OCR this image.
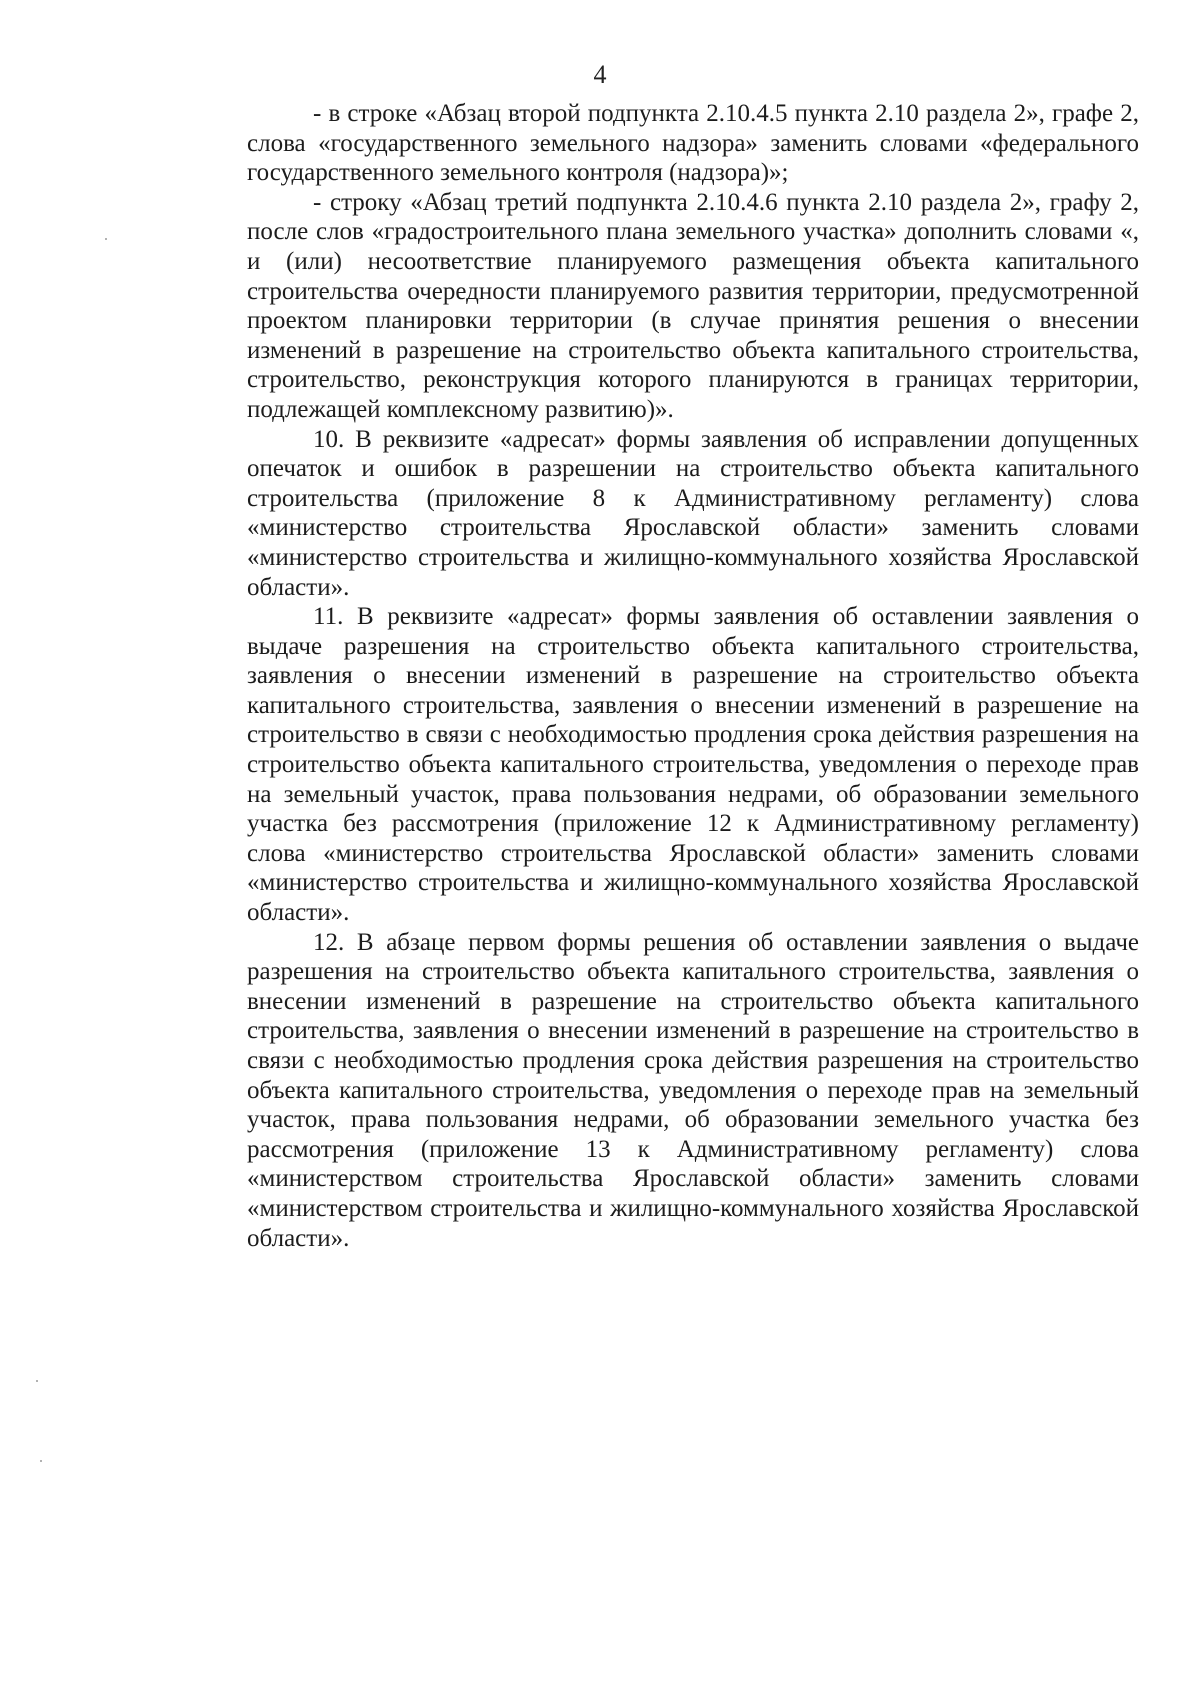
4

- в строке «Абзац второй подпункта 2.10.4.5 пункта 2.10 раздела 2», графе 2, слова «государственного земельного надзора» заменить словами «федерального государственного земельного контроля (надзора)»;

- строку «Абзац третий подпункта 2.10.4.6 пункта 2.10 раздела 2», графу 2, после слов «градостроительного плана земельного участка» дополнить словами «, и (или) несоответствие планируемого размещения объекта капитального строительства очередности планируемого развития территории, предусмотренной проектом планировки территории (в случае принятия решения о внесении изменений в разрешение на строительство объекта капитального строительства, строительство, реконструкция которого планируются в границах территории, подлежащей комплексному развитию)».

10. В реквизите «адресат» формы заявления об исправлении допущенных опечаток и ошибок в разрешении на строительство объекта капитального строительства (приложение 8 к Административному регламенту) слова «министерство строительства Ярославской области» заменить словами «министерство строительства и жилищно-коммунального хозяйства Ярославской области».

11. В реквизите «адресат» формы заявления об оставлении заявления о выдаче разрешения на строительство объекта капитального строительства, заявления о внесении изменений в разрешение на строительство объекта капитального строительства, заявления о внесении изменений в разрешение на строительство в связи с необходимостью продления срока действия разрешения на строительство объекта капитального строительства, уведомления о переходе прав на земельный участок, права пользования недрами, об образовании земельного участка без рассмотрения (приложение 12 к Административному регламенту) слова «министерство строительства Ярославской области» заменить словами «министерство строительства и жилищно-коммунального хозяйства Ярославской области».

12. В абзаце первом формы решения об оставлении заявления о выдаче разрешения на строительство объекта капитального строительства, заявления о внесении изменений в разрешение на строительство объекта капитального строительства, заявления о внесении изменений в разрешение на строительство в связи с необходимостью продления срока действия разрешения на строительство объекта капитального строительства, уведомления о переходе прав на земельный участок, права пользования недрами, об образовании земельного участка без рассмотрения (приложение 13 к Административному регламенту) слова «министерством строительства Ярославской области» заменить словами «министерством строительства и жилищно-коммунального хозяйства Ярославской области».
